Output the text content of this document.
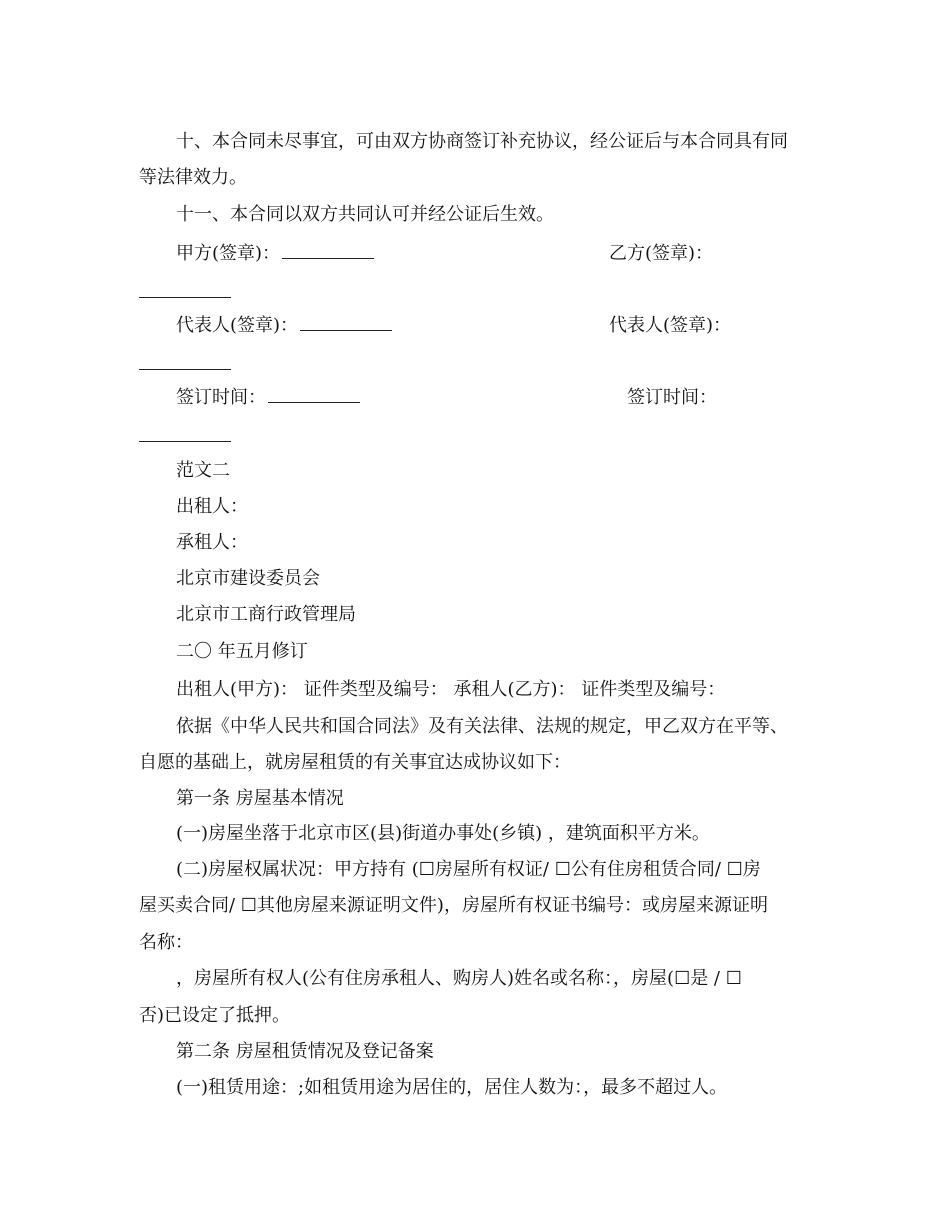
十、本合同未尽事宜，可由双方协商签订补充协议，经公证后与本合同具有同
等法律效力。
十一、本合同以双方共同认可并经公证后生效。
甲方(签章)：	乙方(签章)：
代表人(签章)：	代表人(签章)：
签订时间：	签订时间：
范文二
出租人：
承租人：
北京市建设委员会
北京市工商行政管理局
二〇 年五月修订
出租人(甲方)： 证件类型及编号： 承租人(乙方)： 证件类型及编号：
依据《中华人民共和国合同法》及有关法律、法规的规定，甲乙双方在平等、
自愿的基础上，就房屋租赁的有关事宜达成协议如下：
第一条 房屋基本情况
(一)房屋坐落于北京市区(县)街道办事处(乡镇) ，建筑面积平方米。
(二)房屋权属状况：甲方持有 (☐房屋所有权证/ ☐公有住房租赁合同/ ☐房
屋买卖合同/ ☐其他房屋来源证明文件)，房屋所有权证书编号：或房屋来源证明
名称：
，房屋所有权人(公有住房承租人、购房人)姓名或名称：，房屋(☐是 / ☐
否)已设定了抵押。
第二条 房屋租赁情况及登记备案
(一)租赁用途：;如租赁用途为居住的，居住人数为：，最多不超过人。
